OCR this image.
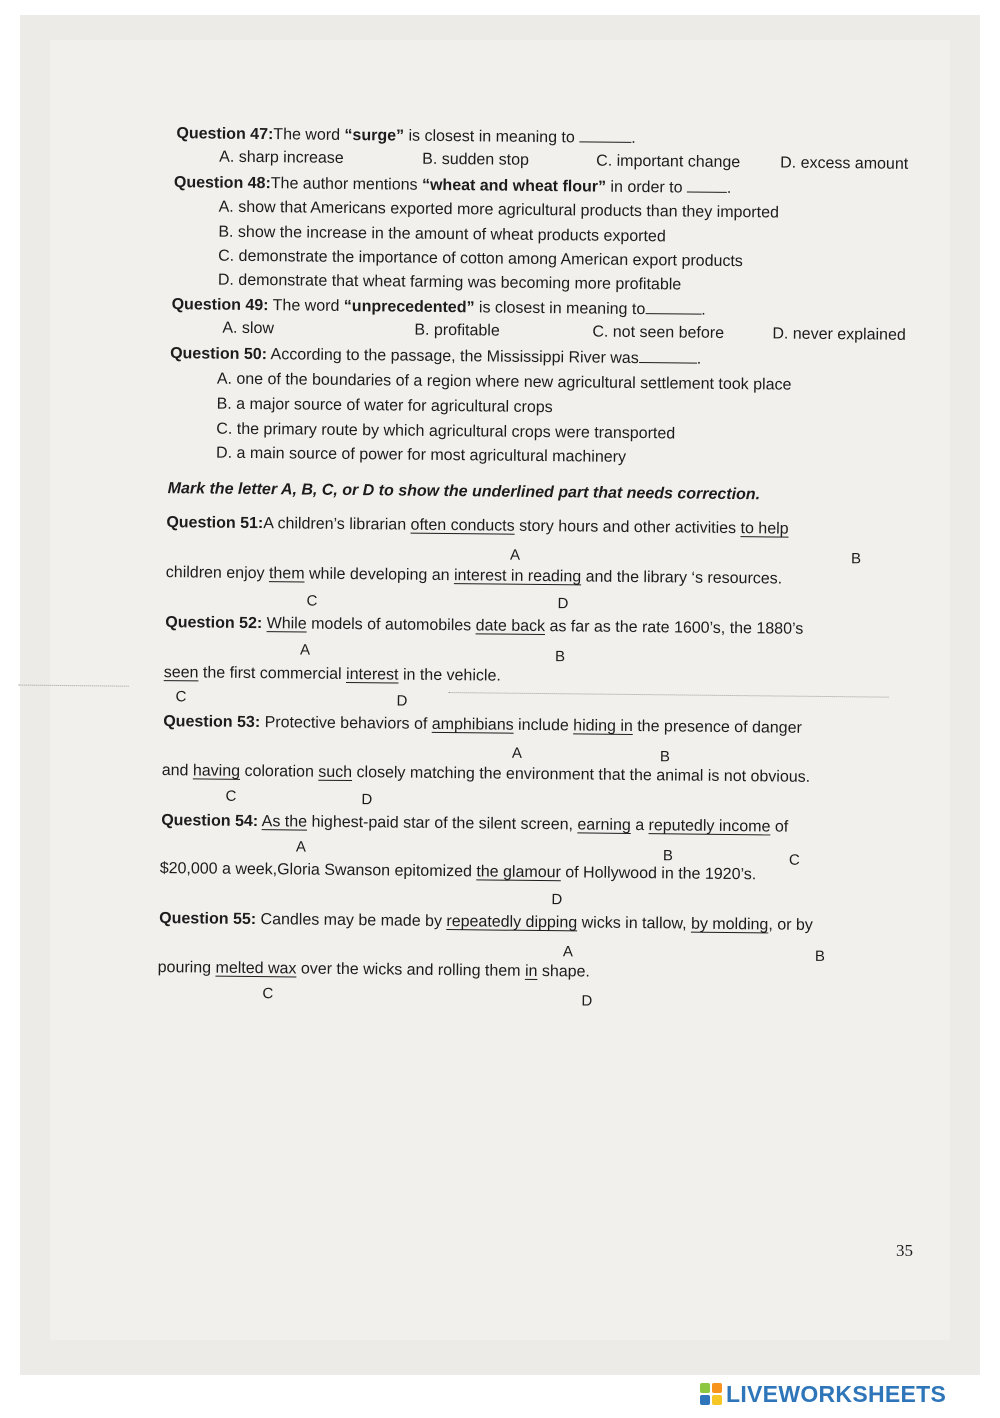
Question 47:The word “surge” is closest in meaning to	.
A. sharp increase	B. sudden stop	C. important change D. excess amount
Question 48:The author mentions “wheat and wheat flour” in order to .
A. show that Americans exported more agricultural products than they imported
B. show the increase in the amount of wheat products exported
C. demonstrate the importance of cotton among American export products
D. demonstrate that wheat farming was becoming more profitable
Question 49: The word “unprecedented” is closest in meaning to	.
A. slow	B. profitable	C. not seen before	D. never explained
Question 50: According to the passage, the Mississippi River was	.
A. one of the boundaries of a region where new agricultural settlement took place
B. a major source of water for agricultural crops
C. the primary route by which agricultural crops were transported
D. a main source of power for most agricultural machinery
Mark the letter A, B, C, or D to show the underlined part that needs correction.
Question 51:A children’s librarian often conducts story hours and other activities to help
A	B
children enjoy them while developing an interest in reading and the library ‘s resources.
C	D
Question 52: While models of automobiles date back as far as the rate 1600’s, the 1880’s
A	B
seen the first commercial interest in the vehicle.
C	D
Question 53: Protective behaviors of amphibians include hiding in the presence of danger
A	B
and having coloration such closely matching the environment that the animal is not obvious.
C	D
Question 54: As the highest-paid star of the silent screen, earning a reputedly income of
A
B	C
$20,000 a week,Gloria Swanson epitomized the glamour of Hollywood in the 1920’s.
D
Question 55: Candles may be made by repeatedly dipping wicks in tallow, by molding, or by
A	B
pouring melted wax over the wicks and rolling them in shape.
C	D
35
LIVEWORKSHEETS
